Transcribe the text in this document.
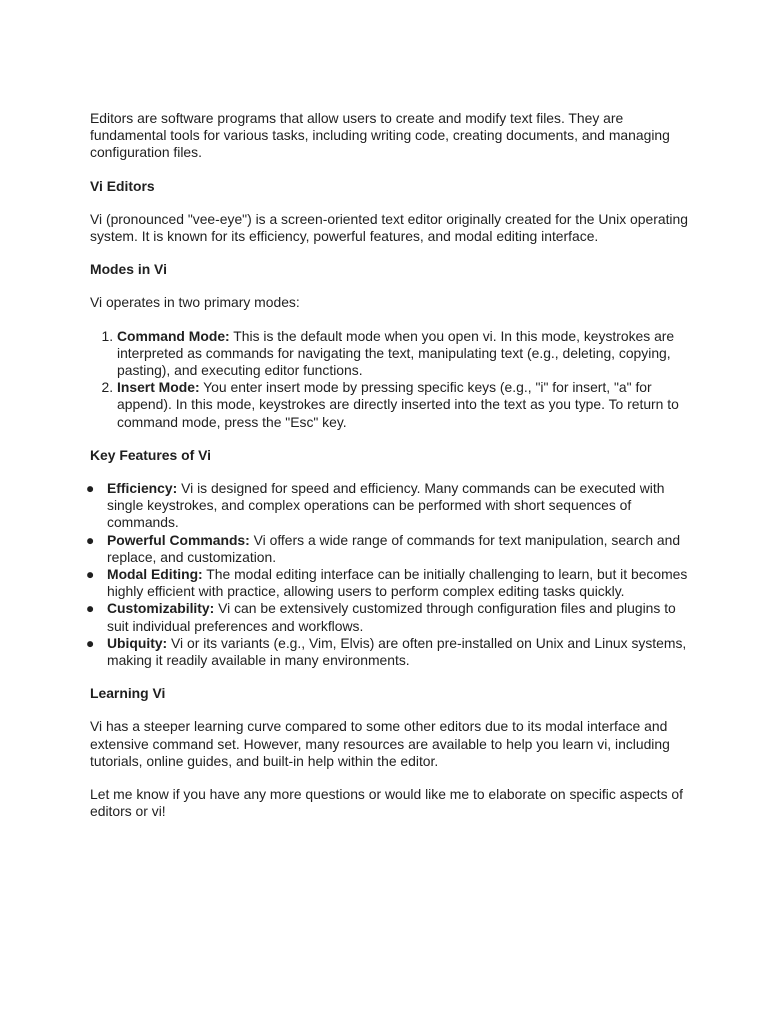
Editors are software programs that allow users to create and modify text files. They are fundamental tools for various tasks, including writing code, creating documents, and managing configuration files.

Vi Editors

Vi (pronounced "vee-eye") is a screen-oriented text editor originally created for the Unix operating system. It is known for its efficiency, powerful features, and modal editing interface.

Modes in Vi

Vi operates in two primary modes:

1. Command Mode: This is the default mode when you open vi. In this mode, keystrokes are interpreted as commands for navigating the text, manipulating text (e.g., deleting, copying, pasting), and executing editor functions.
2. Insert Mode: You enter insert mode by pressing specific keys (e.g., "i" for insert, "a" for append). In this mode, keystrokes are directly inserted into the text as you type. To return to command mode, press the "Esc" key.

Key Features of Vi

● Efficiency: Vi is designed for speed and efficiency. Many commands can be executed with single keystrokes, and complex operations can be performed with short sequences of commands.
● Powerful Commands: Vi offers a wide range of commands for text manipulation, search and replace, and customization.
● Modal Editing: The modal editing interface can be initially challenging to learn, but it becomes highly efficient with practice, allowing users to perform complex editing tasks quickly.
● Customizability: Vi can be extensively customized through configuration files and plugins to suit individual preferences and workflows.
● Ubiquity: Vi or its variants (e.g., Vim, Elvis) are often pre-installed on Unix and Linux systems, making it readily available in many environments.

Learning Vi

Vi has a steeper learning curve compared to some other editors due to its modal interface and extensive command set. However, many resources are available to help you learn vi, including tutorials, online guides, and built-in help within the editor.

Let me know if you have any more questions or would like me to elaborate on specific aspects of editors or vi!
